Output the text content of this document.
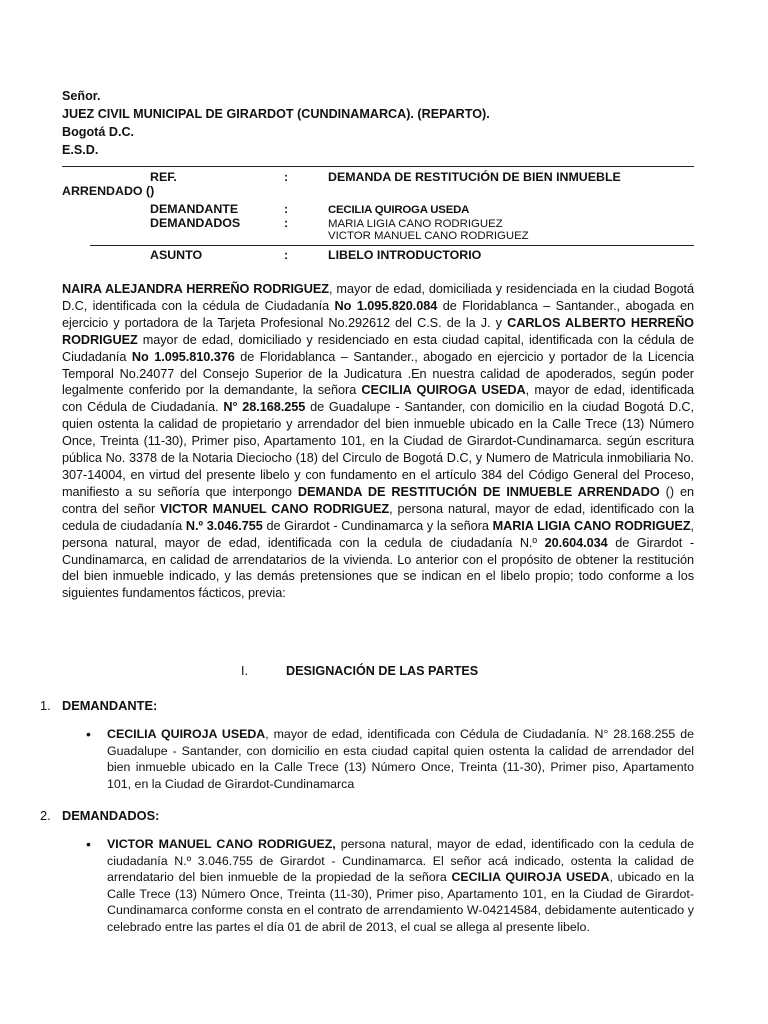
Señor.
JUEZ CIVIL MUNICIPAL DE GIRARDOT (CUNDINAMARCA). (REPARTO).
Bogotá D.C.
E.S.D.
REF.	:	DEMANDA DE RESTITUCIÓN DE BIEN INMUEBLE
ARRENDADO ()
DEMANDANTE	:	CECILIA QUIROGA USEDA
DEMANDADOS	:	MARIA LIGIA CANO RODRIGUEZ
VICTOR MANUEL CANO RODRIGUEZ
ASUNTO	:	LIBELO INTRODUCTORIO
NAIRA ALEJANDRA HERREÑO RODRIGUEZ, mayor de edad, domiciliada y residenciada en la ciudad Bogotá D.C, identificada con la cédula de Ciudadanía No 1.095.820.084 de Floridablanca – Santander., abogada en ejercicio y portadora de la Tarjeta Profesional No.292612 del C.S. de la J. y CARLOS ALBERTO HERREÑO RODRIGUEZ mayor de edad, domiciliado y residenciado en esta ciudad capital, identificada con la cédula de Ciudadanía No 1.095.810.376 de Floridablanca – Santander., abogado en ejercicio y portador de la Licencia Temporal No.24077 del Consejo Superior de la Judicatura .En nuestra calidad de apoderados, según poder legalmente conferido por la demandante, la señora CECILIA QUIROGA USEDA, mayor de edad, identificada con Cédula de Ciudadanía. N° 28.168.255 de Guadalupe - Santander, con domicilio en la ciudad Bogotá D.C, quien ostenta la calidad de propietario y arrendador del bien inmueble ubicado en la Calle Trece (13) Número Once, Treinta (11-30), Primer piso, Apartamento 101, en la Ciudad de Girardot-Cundinamarca. según escritura pública No. 3378 de la Notaria Dieciocho (18) del Circulo de Bogotá D.C, y Numero de Matricula inmobiliaria No. 307-14004, en virtud del presente libelo y con fundamento en el artículo 384 del Código General del Proceso, manifiesto a su señoría que interpongo DEMANDA DE RESTITUCIÓN DE INMUEBLE ARRENDADO () en contra del señor VICTOR MANUEL CANO RODRIGUEZ, persona natural, mayor de edad, identificado con la cedula de ciudadanía N.º 3.046.755 de Girardot - Cundinamarca y la señora MARIA LIGIA CANO RODRIGUEZ, persona natural, mayor de edad, identificada con la cedula de ciudadanía N.º 20.604.034 de Girardot - Cundinamarca, en calidad de arrendatarios de la vivienda. Lo anterior con el propósito de obtener la restitución del bien inmueble indicado, y las demás pretensiones que se indican en el libelo propio; todo conforme a los siguientes fundamentos fácticos, previa:
I.	DESIGNACIÓN DE LAS PARTES
1. DEMANDANTE:
• CECILIA QUIROJA USEDA, mayor de edad, identificada con Cédula de Ciudadanía. N° 28.168.255 de Guadalupe - Santander, con domicilio en esta ciudad capital quien ostenta la calidad de arrendador del bien inmueble ubicado en la Calle Trece (13) Número Once, Treinta (11-30), Primer piso, Apartamento 101, en la Ciudad de Girardot-Cundinamarca
2. DEMANDADOS:
• VICTOR MANUEL CANO RODRIGUEZ, persona natural, mayor de edad, identificado con la cedula de ciudadanía N.º 3.046.755 de Girardot - Cundinamarca. El señor acá indicado, ostenta la calidad de arrendatario del bien inmueble de la propiedad de la señora CECILIA QUIROJA USEDA, ubicado en la Calle Trece (13) Número Once, Treinta (11-30), Primer piso, Apartamento 101, en la Ciudad de Girardot-Cundinamarca conforme consta en el contrato de arrendamiento W-04214584, debidamente autenticado y celebrado entre las partes el día 01 de abril de 2013, el cual se allega al presente libelo.
